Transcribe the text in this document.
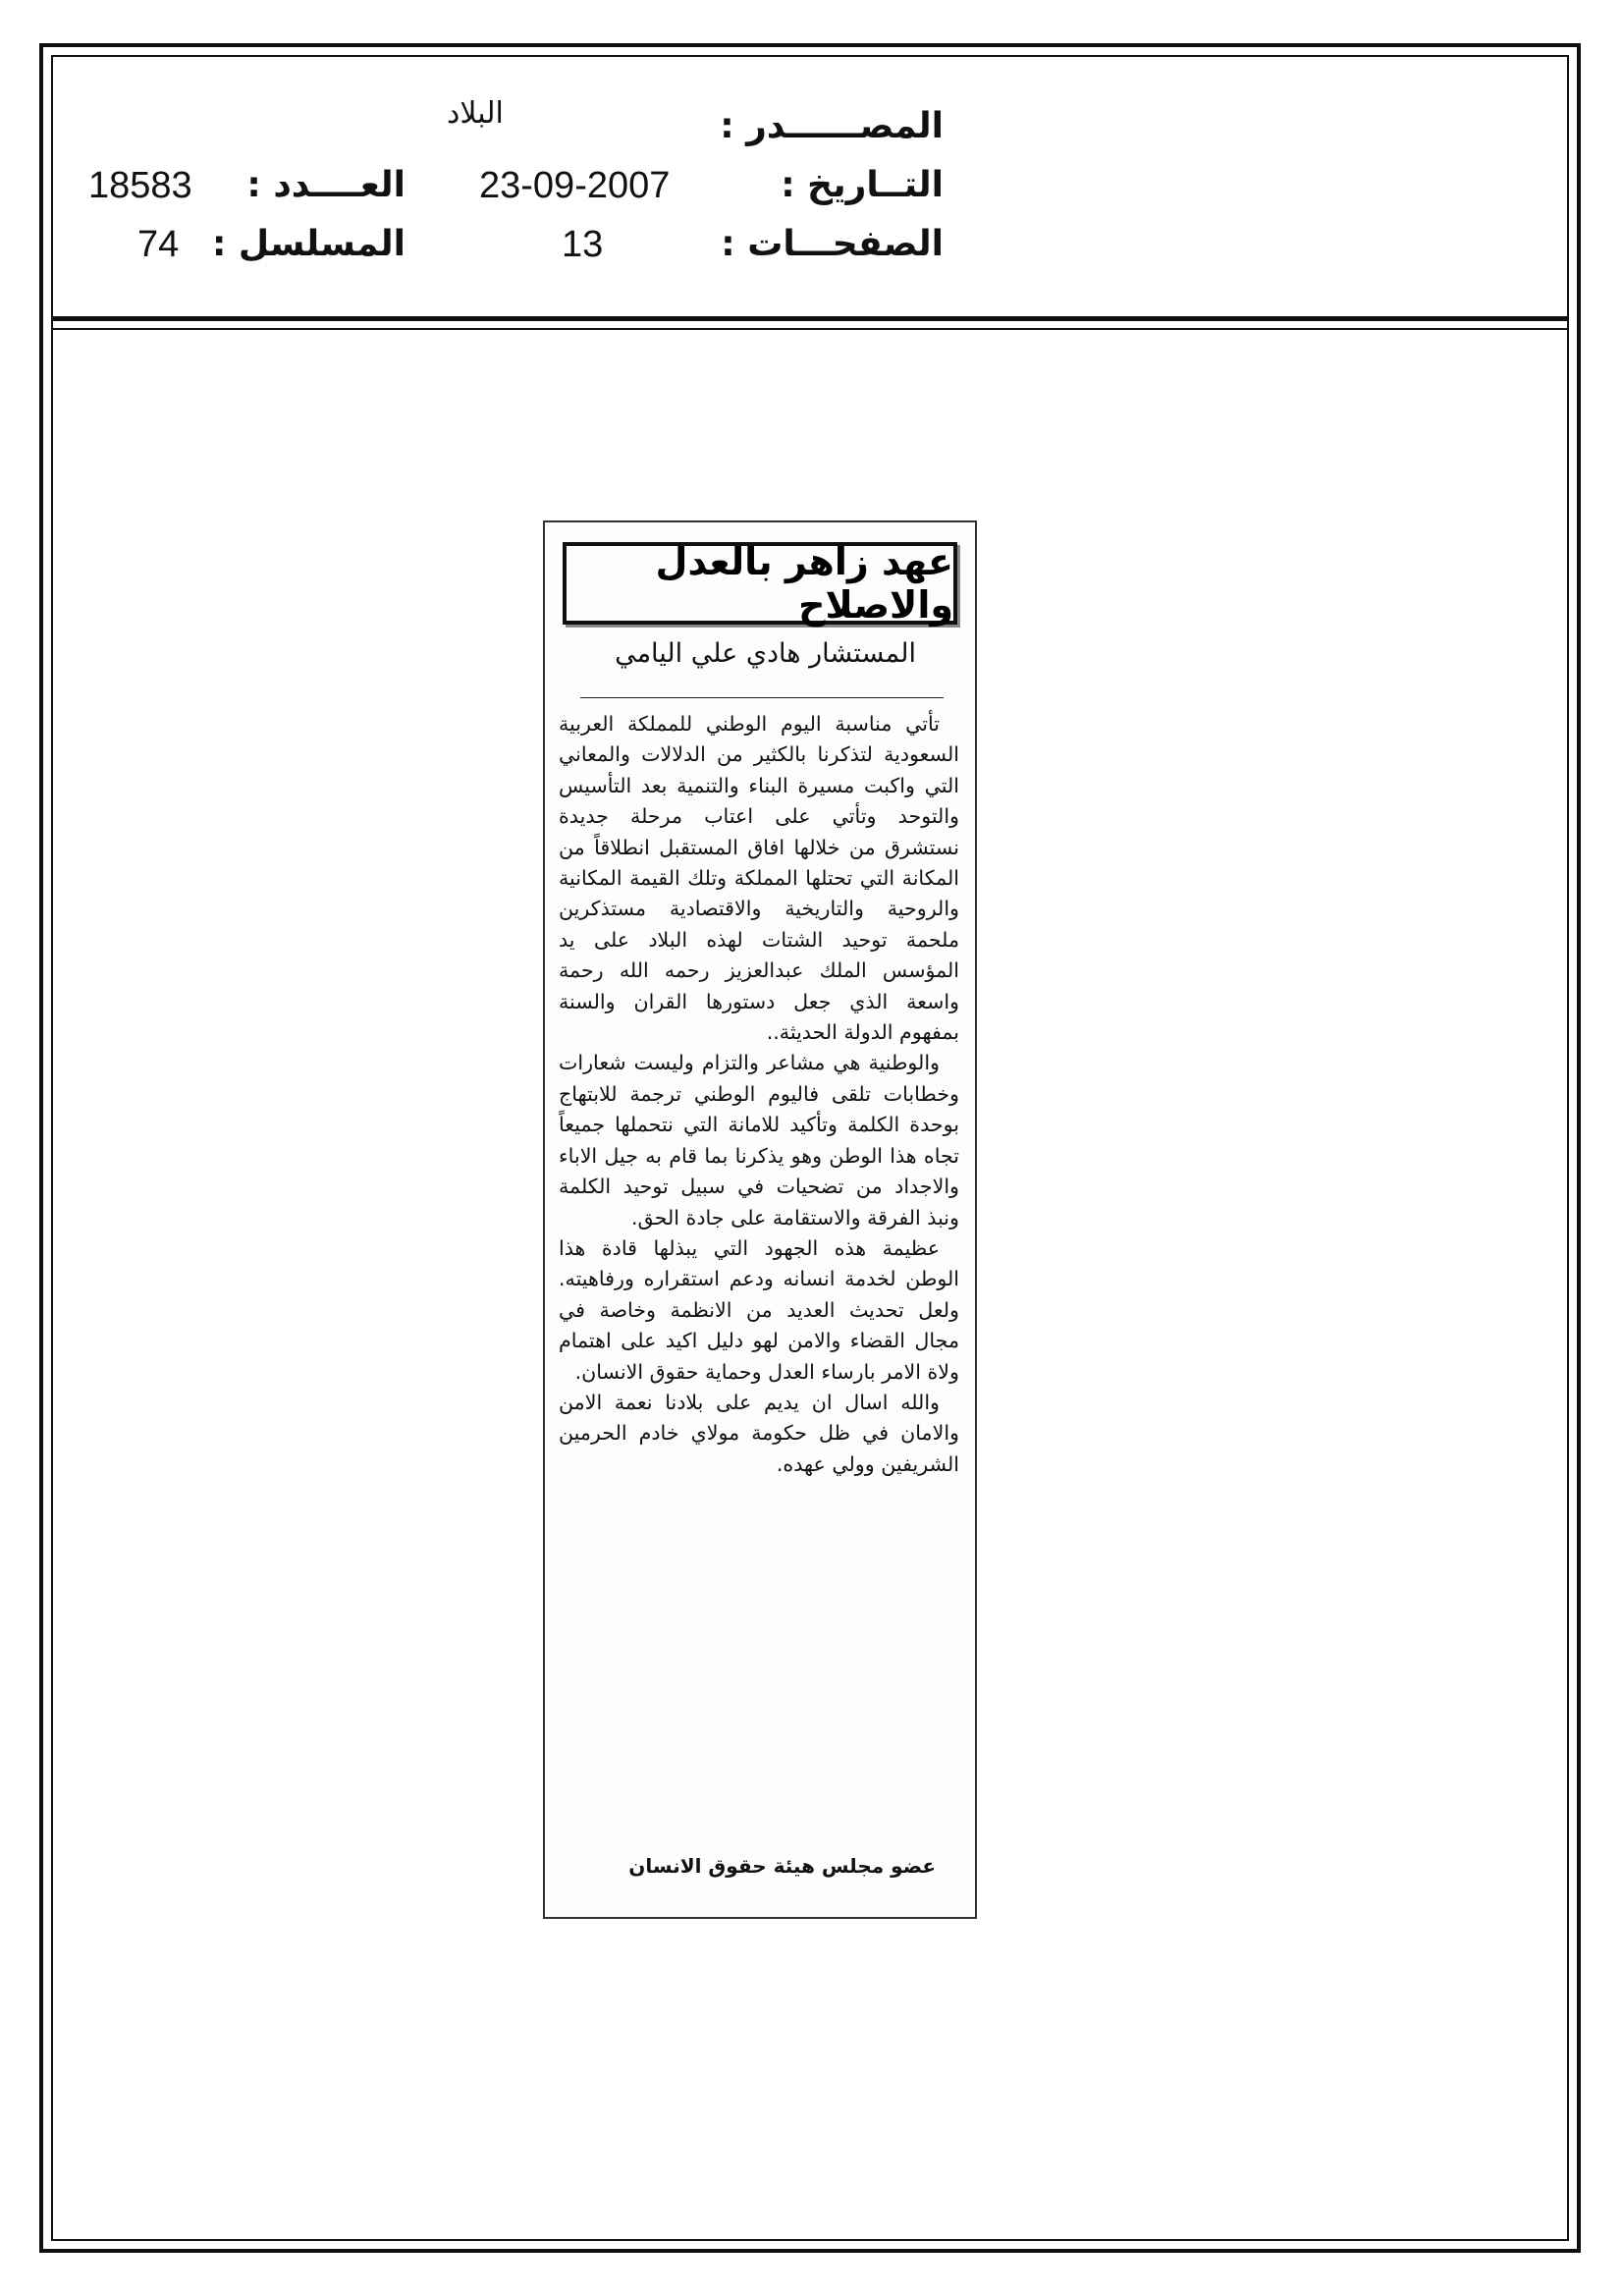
المصــــــدر :
البلاد
التــاريخ :
23-09-2007
العــــدد :
18583
الصفحـــات :
13
المسلسل :
74
عهد زاهر بالعدل والاصلاح
المستشار هادي علي اليامي

تأتي مناسبة اليوم الوطني للمملكة العربية السعودية لتذكرنا بالكثير من الدلالات والمعاني التي واكبت مسيرة البناء والتنمية بعد التأسيس والتوحد وتأتي على اعتاب مرحلة جديدة نستشرق من خلالها افاق المستقبل انطلاقاً من المكانة التي تحتلها المملكة وتلك القيمة المكانية والروحية والتاريخية والاقتصادية مستذكرين ملحمة توحيد الشتات لهذه البلاد على يد المؤسس الملك عبدالعزيز رحمه الله رحمة واسعة الذي جعل دستورها القران والسنة بمفهوم الدولة الحديثة..

والوطنية هي مشاعر والتزام وليست شعارات وخطابات تلقى فاليوم الوطني ترجمة للابتهاج بوحدة الكلمة وتأكيد للامانة التي نتحملها جميعاً تجاه هذا الوطن وهو يذكرنا بما قام به جيل الاباء والاجداد من تضحيات في سبيل توحيد الكلمة ونبذ الفرقة والاستقامة على جادة الحق.

عظيمة هذه الجهود التي يبذلها قادة هذا الوطن لخدمة انسانه ودعم استقراره ورفاهيته. ولعل تحديث العديد من الانظمة وخاصة في مجال القضاء والامن لهو دليل اكيد على اهتمام ولاة الامر بارساء العدل وحماية حقوق الانسان.

والله اسال ان يديم على بلادنا نعمة الامن والامان في ظل حكومة مولاي خادم الحرمين الشريفين وولي عهده.

عضو مجلس هيئة حقوق الانسان
